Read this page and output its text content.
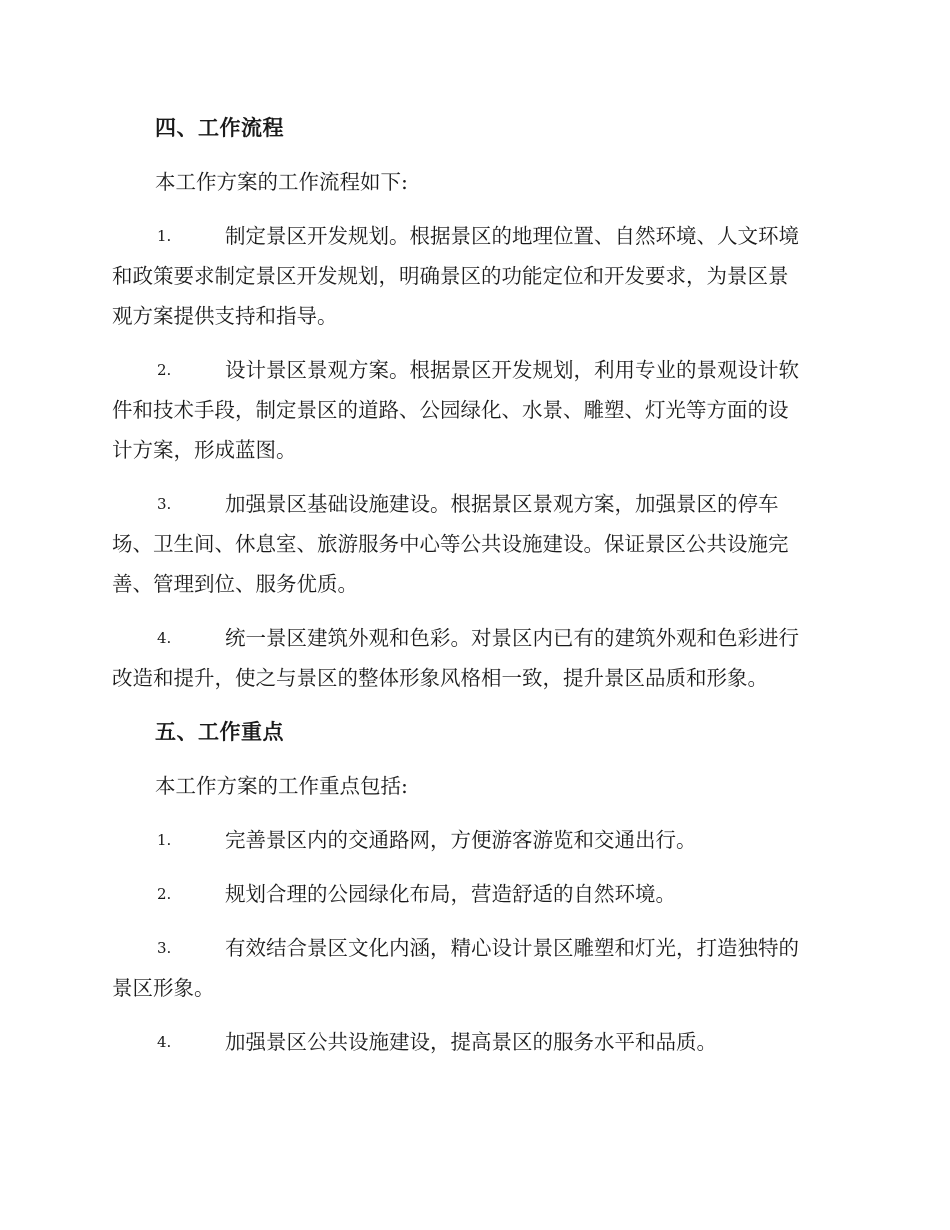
四、工作流程
本工作方案的工作流程如下:
1.	制定景区开发规划。根据景区的地理位置、自然环境、人文环境
和政策要求制定景区开发规划，明确景区的功能定位和开发要求，为景区景
观方案提供支持和指导。
2.	设计景区景观方案。根据景区开发规划，利用专业的景观设计软
件和技术手段，制定景区的道路、公园绿化、水景、雕塑、灯光等方面的设
计方案，形成蓝图。
3.	加强景区基础设施建设。根据景区景观方案，加强景区的停车
场、卫生间、休息室、旅游服务中心等公共设施建设。保证景区公共设施完
善、管理到位、服务优质。
4.	统一景区建筑外观和色彩。对景区内已有的建筑外观和色彩进行
改造和提升，使之与景区的整体形象风格相一致，提升景区品质和形象。
五、工作重点
本工作方案的工作重点包括:
1.	完善景区内的交通路网，方便游客游览和交通出行。
2.	规划合理的公园绿化布局，营造舒适的自然环境。
3.	有效结合景区文化内涵，精心设计景区雕塑和灯光，打造独特的
景区形象。
4.	加强景区公共设施建设，提高景区的服务水平和品质。
